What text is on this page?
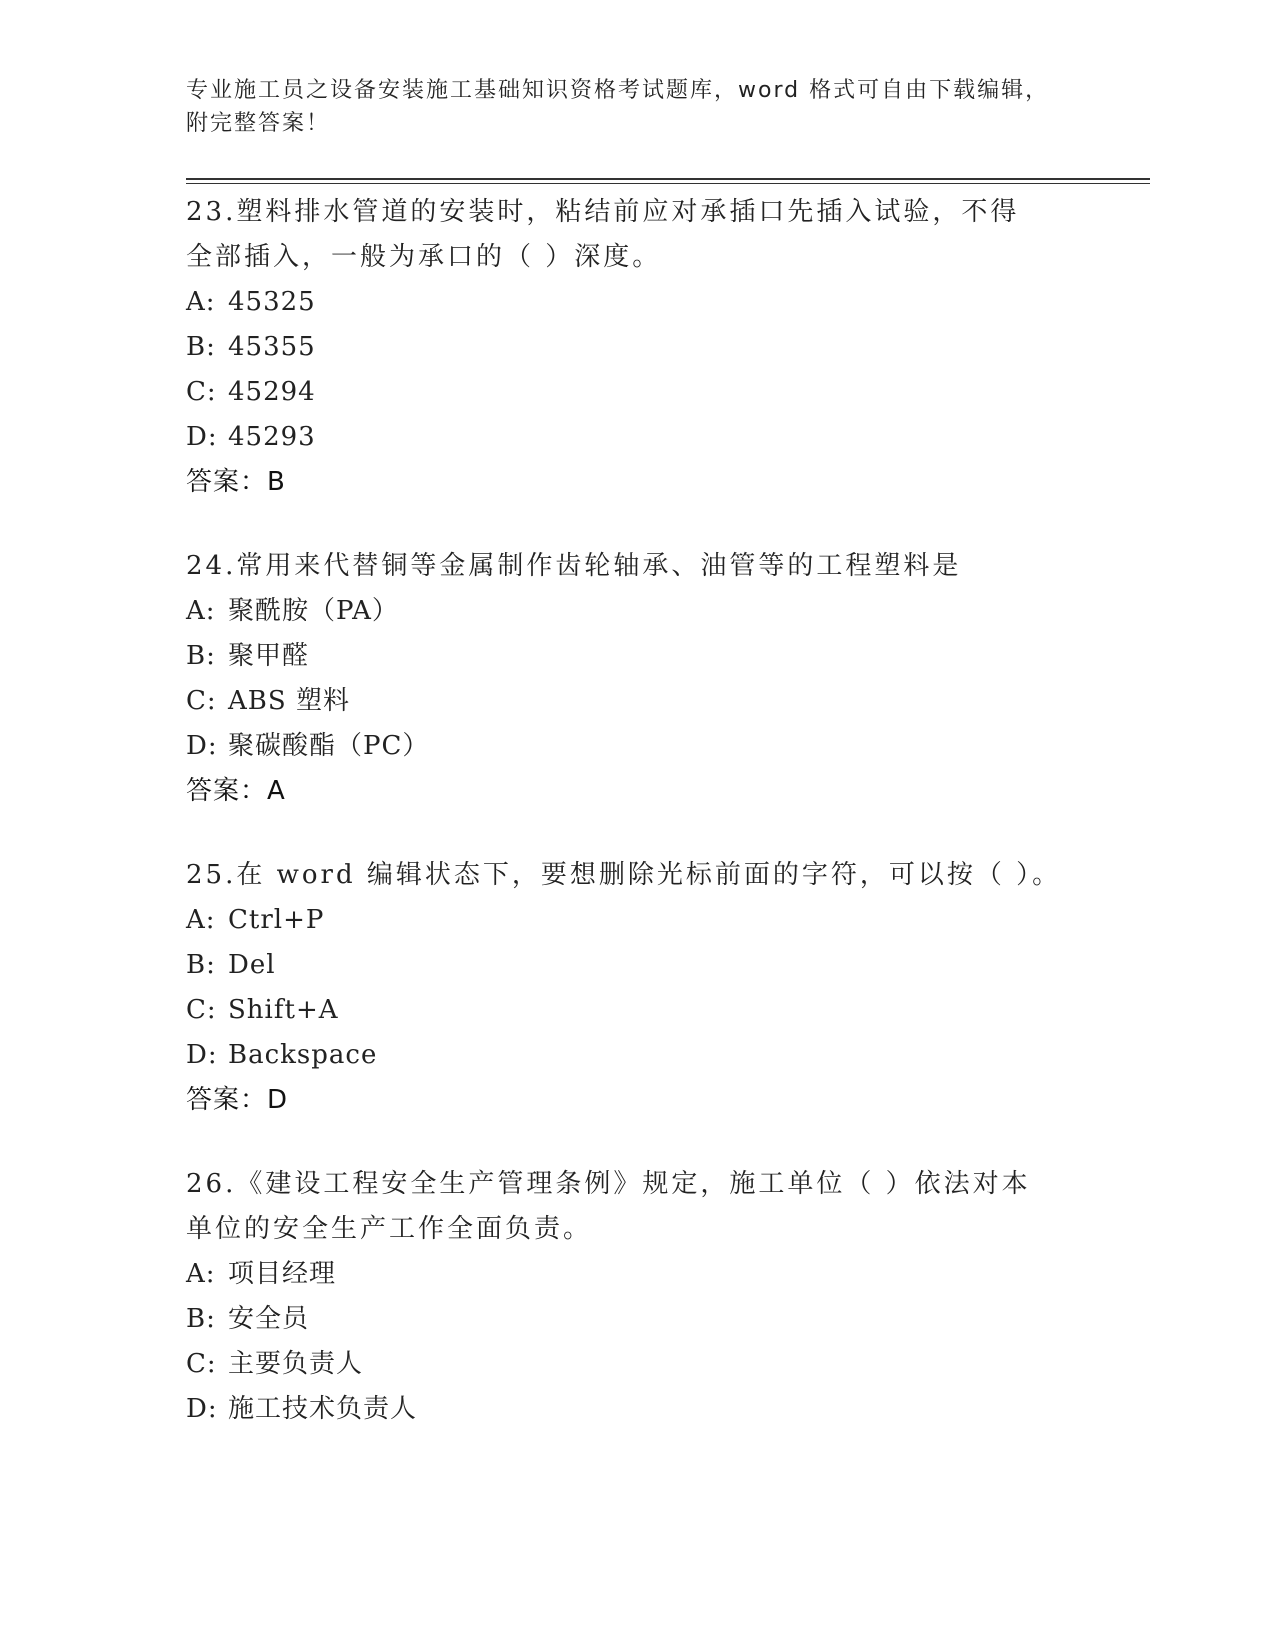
专业施工员之设备安装施工基础知识资格考试题库，word 格式可自由下载编辑，
附完整答案！

23.塑料排水管道的安装时，粘结前应对承插口先插入试验，不得全部插入，一般为承口的（ ）深度。

A: 45325

B: 45355

C: 45294

D: 45293

答案：B

24.常用来代替铜等金属制作齿轮轴承、油管等的工程塑料是

A: 聚酰胺（PA）

B: 聚甲醛

C: ABS 塑料

D: 聚碳酸酯（PC）

答案：A

25.在 word 编辑状态下，要想删除光标前面的字符，可以按（ ）。

A: Ctrl+P

B: Del

C: Shift+A

D: Backspace

答案：D

26.《建设工程安全生产管理条例》规定，施工单位（ ）依法对本单位的安全生产工作全面负责。

A: 项目经理

B: 安全员

C: 主要负责人

D: 施工技术负责人
